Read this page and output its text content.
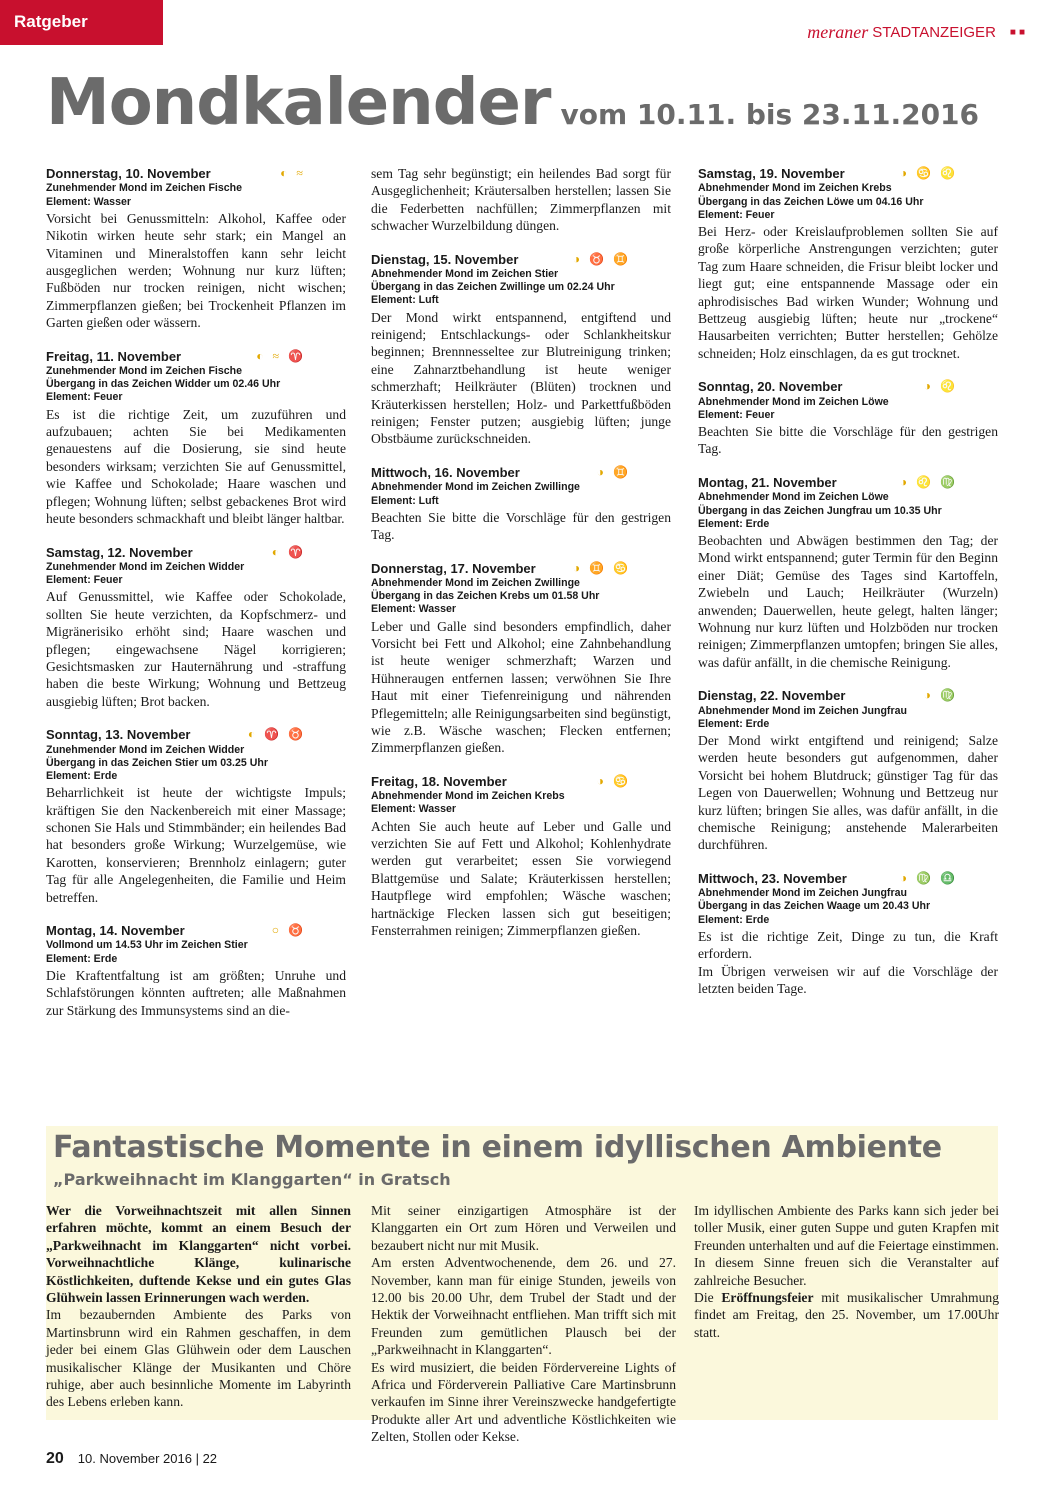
Ratgeber
meraner STADTANZEIGER ■■
Mondkalender vom 10.11. bis 23.11.2016
Donnerstag, 10. November	◐ ≈
Zunehmender Mond im Zeichen Fische
Element: Wasser

Vorsicht bei Genussmitteln: Alkohol, Kaffee oder Nikotin wirken heute sehr stark; ein Mangel an Vitaminen und Mineralstoffen kann sehr leicht ausgeglichen werden; Wohnung nur kurz lüften; Fußböden nur trocken reinigen, nicht wischen; Zimmerpflanzen gießen; bei Trockenheit Pflanzen im Garten gießen oder wässern.

Freitag, 11. November	◐ ≈ ♈
Zunehmender Mond im Zeichen Fische
Übergang in das Zeichen Widder um 02.46 Uhr
Element: Feuer

Es ist die richtige Zeit, um zuzuführen und aufzubauen; achten Sie bei Medikamenten genauestens auf die Dosierung, sie sind heute besonders wirksam; verzichten Sie auf Genussmittel, wie Kaffee und Schokolade; Haare waschen und pflegen; Wohnung lüften; selbst gebackenes Brot wird heute besonders schmackhaft und bleibt länger haltbar.

Samstag, 12. November	◐ ♈
Zunehmender Mond im Zeichen Widder
Element: Feuer

Auf Genussmittel, wie Kaffee oder Schokolade, sollten Sie heute verzichten, da Kopfschmerz- und Migränerisiko erhöht sind; Haare waschen und pflegen; eingewachsene Nägel korrigieren; Gesichtsmasken zur Hauternährung und -straffung haben die beste Wirkung; Wohnung und Bettzeug ausgiebig lüften; Brot backen.

Sonntag, 13. November	◐ ♈ ♉
Zunehmender Mond im Zeichen Widder
Übergang in das Zeichen Stier um 03.25 Uhr
Element: Erde

Beharrlichkeit ist heute der wichtigste Impuls; kräftigen Sie den Nackenbereich mit einer Massage; schonen Sie Hals und Stimmbänder; ein heilendes Bad hat besonders große Wirkung; Wurzelgemüse, wie Karotten, konservieren; Brennholz einlagern; guter Tag für alle Angelegenheiten, die Familie und Heim betreffen.

Montag, 14. November	○ ♉
Vollmond um 14.53 Uhr im Zeichen Stier
Element: Erde

Die Kraftentfaltung ist am größten; Unruhe und Schlafstörungen könnten auftreten; alle Maßnahmen zur Stärkung des Immunsystems sind an die-

sem Tag sehr begünstigt; ein heilendes Bad sorgt für Ausgeglichenheit; Kräutersalben herstellen; lassen Sie die Federbetten nachfüllen; Zimmerpflanzen mit schwacher Wurzelbildung düngen.

Dienstag, 15. November	◑ ♉ ♊
Abnehmender Mond im Zeichen Stier
Übergang in das Zeichen Zwillinge um 02.24 Uhr
Element: Luft

Der Mond wirkt entspannend, entgiftend und reinigend; Entschlackungs- oder Schlankheitskur beginnen; Brennnesseltee zur Blutreinigung trinken; eine Zahnarztbehandlung ist heute weniger schmerzhaft; Heilkräuter (Blüten) trocknen und Kräuterkissen herstellen; Holz- und Parkettfußböden reinigen; Fenster putzen; ausgiebig lüften; junge Obstbäume zurückschneiden.

Mittwoch, 16. November	◑ ♊
Abnehmender Mond im Zeichen Zwillinge
Element: Luft

Beachten Sie bitte die Vorschläge für den gestrigen Tag.

Donnerstag, 17. November	◑ ♊ ♋
Abnehmender Mond im Zeichen Zwillinge
Übergang in das Zeichen Krebs um 01.58 Uhr
Element: Wasser

Leber und Galle sind besonders empfindlich, daher Vorsicht bei Fett und Alkohol; eine Zahnbehandlung ist heute weniger schmerzhaft; Warzen und Hühneraugen entfernen lassen; verwöhnen Sie Ihre Haut mit einer Tiefenreinigung und nährenden Pflegemitteln; alle Reinigungsarbeiten sind begünstigt, wie z.B. Wäsche waschen; Flecken entfernen; Zimmerpflanzen gießen.

Freitag, 18. November	◑ ♋
Abnehmender Mond im Zeichen Krebs
Element: Wasser

Achten Sie auch heute auf Leber und Galle und verzichten Sie auf Fett und Alkohol; Kohlenhydrate werden gut verarbeitet; essen Sie vorwiegend Blattgemüse und Salate; Kräuterkissen herstellen; Hautpflege wird empfohlen; Wäsche waschen; hartnäckige Flecken lassen sich gut beseitigen; Fensterrahmen reinigen; Zimmerpflanzen gießen.

Samstag, 19. November	◑ ♋ ♌
Abnehmender Mond im Zeichen Krebs
Übergang in das Zeichen Löwe um 04.16 Uhr
Element: Feuer

Bei Herz- oder Kreislaufproblemen sollten Sie auf große körperliche Anstrengungen verzichten; guter Tag zum Haare schneiden, die Frisur bleibt locker und liegt gut; eine entspannende Massage oder ein aphrodisisches Bad wirken Wunder; Wohnung und Bettzeug ausgiebig lüften; heute nur „trockene“ Hausarbeiten verrichten; Butter herstellen; Gehölze schneiden; Holz einschlagen, da es gut trocknet.

Sonntag, 20. November	◑ ♌
Abnehmender Mond im Zeichen Löwe
Element: Feuer

Beachten Sie bitte die Vorschläge für den gestrigen Tag.

Montag, 21. November	◑ ♌ ♍
Abnehmender Mond im Zeichen Löwe
Übergang in das Zeichen Jungfrau um 10.35 Uhr
Element: Erde

Beobachten und Abwägen bestimmen den Tag; der Mond wirkt entspannend; guter Termin für den Beginn einer Diät; Gemüse des Tages sind Kartoffeln, Zwiebeln und Lauch; Heilkräuter (Wurzeln) anwenden; Dauerwellen, heute gelegt, halten länger; Wohnung nur kurz lüften und Holzböden nur trocken reinigen; Zimmerpflanzen umtopfen; bringen Sie alles, was dafür anfällt, in die chemische Reinigung.

Dienstag, 22. November	◑ ♍
Abnehmender Mond im Zeichen Jungfrau
Element: Erde

Der Mond wirkt entgiftend und reinigend; Salze werden heute besonders gut aufgenommen, daher Vorsicht bei hohem Blutdruck; günstiger Tag für das Legen von Dauerwellen; Wohnung und Bettzeug nur kurz lüften; bringen Sie alles, was dafür anfällt, in die chemische Reinigung; anstehende Malerarbeiten durchführen.

Mittwoch, 23. November	◑ ♍ ♎
Abnehmender Mond im Zeichen Jungfrau
Übergang in das Zeichen Waage um 20.43 Uhr
Element: Erde

Es ist die richtige Zeit, Dinge zu tun, die Kraft erfordern.

Im Übrigen verweisen wir auf die Vorschläge der letzten beiden Tage.

Fantastische Momente in einem idyllischen Ambiente
„Parkweihnacht im Klanggarten“ in Gratsch

Wer die Vorweihnachtszeit mit allen Sinnen erfahren möchte, kommt an einem Besuch der „Parkweihnacht im Klanggarten“ nicht vorbei. Vorweihnachtliche Klänge, kulinarische Köstlichkeiten, duftende Kekse und ein gutes Glas Glühwein lassen Erinnerungen wach werden.

Im bezaubernden Ambiente des Parks von Martinsbrunn wird ein Rahmen geschaffen, in dem jeder bei einem Glas Glühwein oder dem Lauschen musikalischer Klänge der Musikanten und Chöre ruhige, aber auch besinnliche Momente im Labyrinth des Lebens erleben kann.

Mit seiner einzigartigen Atmosphäre ist der Klanggarten ein Ort zum Hören und Verweilen und bezaubert nicht nur mit Musik.

Am ersten Adventwochenende, dem 26. und 27. November, kann man für einige Stunden, jeweils von 12.00 bis 20.00 Uhr, dem Trubel der Stadt und der Hektik der Vorweihnacht entfliehen. Man trifft sich mit Freunden zum gemütlichen Plausch bei der „Parkweihnacht in Klanggarten“.

Es wird musiziert, die beiden Fördervereine Lights of Africa und Förderverein Palliative Care Martinsbrunn verkaufen im Sinne ihrer Vereinszwecke handgefertigte Produkte aller Art und adventliche Köstlichkeiten wie Zelten, Stollen oder Kekse.

Im idyllischen Ambiente des Parks kann sich jeder bei toller Musik, einer guten Suppe und guten Krapfen mit Freunden unterhalten und auf die Feiertage einstimmen. In diesem Sinne freuen sich die Veranstalter auf zahlreiche Besucher.

Die Eröffnungsfeier mit musikalischer Umrahmung findet am Freitag, den 25. November, um 17.00Uhr statt.

20 10. November 2016 | 22
